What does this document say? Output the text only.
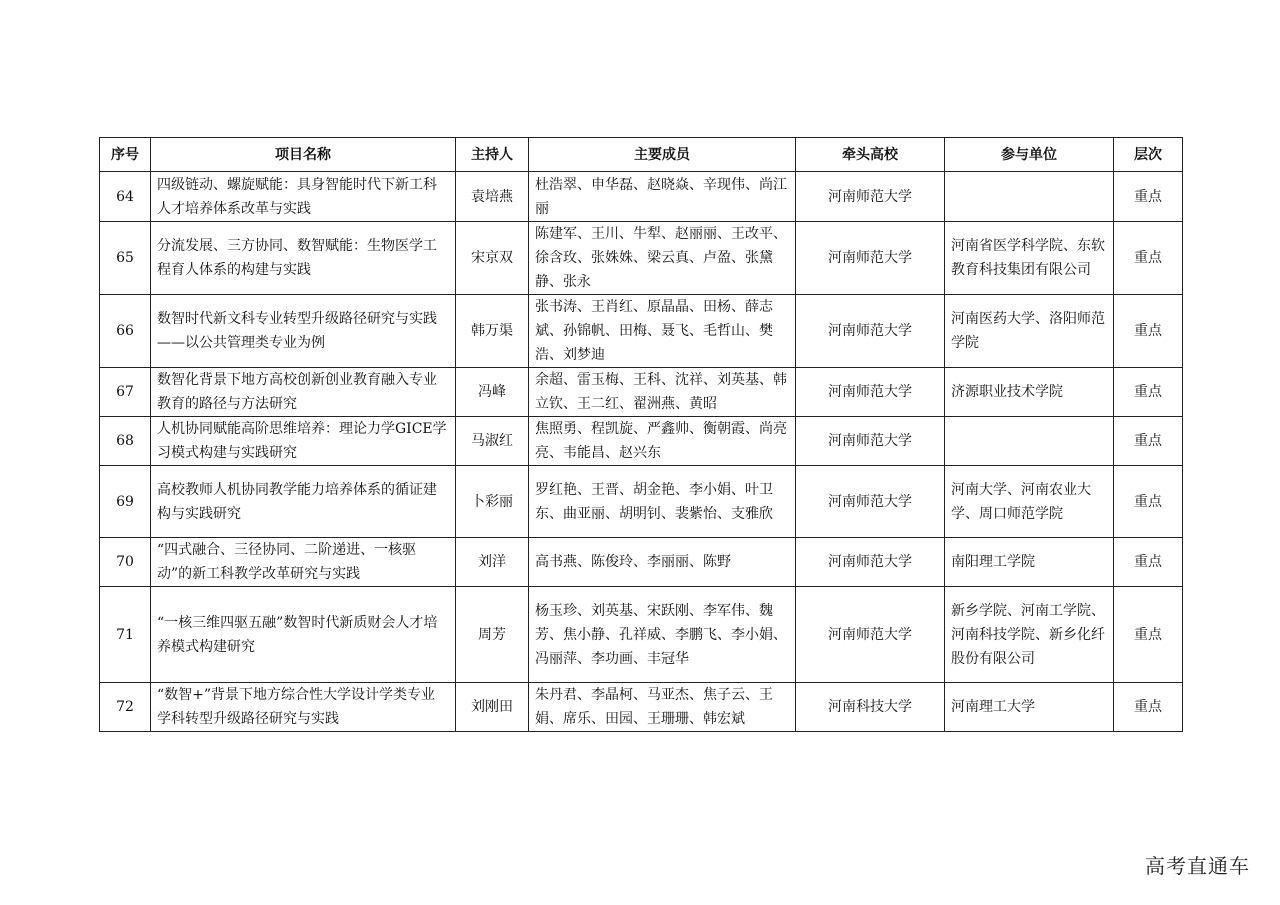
序号	项目名称	主持人	主要成员	牵头高校	参与单位	层次
64	四级链动、螺旋赋能：具身智能时代下新工科人才培养体系改革与实践	袁培燕	杜浩翠、申华磊、赵晓焱、辛现伟、尚江丽	河南师范大学		重点
65	分流发展、三方协同、数智赋能：生物医学工程育人体系的构建与实践	宋京双	陈建军、王川、牛犁、赵丽丽、王改平、徐含玫、张姝姝、梁云真、卢盈、张黛静、张永	河南师范大学	河南省医学科学院、东软教育科技集团有限公司	重点
66	数智时代新文科专业转型升级路径研究与实践——以公共管理类专业为例	韩万渠	张书涛、王肖红、原晶晶、田杨、薛志斌、孙锦帆、田梅、聂飞、毛哲山、樊浩、刘梦迪	河南师范大学	河南医药大学、洛阳师范学院	重点
67	数智化背景下地方高校创新创业教育融入专业教育的路径与方法研究	冯峰	余超、雷玉梅、王科、沈祥、刘英基、韩立钦、王二红、翟洲燕、黄昭	河南师范大学	济源职业技术学院	重点
68	人机协同赋能高阶思维培养：理论力学GICE学习模式构建与实践研究	马淑红	焦照勇、程凯旋、严鑫帅、衡朝霞、尚亮亮、韦能昌、赵兴东	河南师范大学		重点
69	高校教师人机协同教学能力培养体系的循证建构与实践研究	卜彩丽	罗红艳、王晋、胡金艳、李小娟、叶卫东、曲亚丽、胡明钊、裴紫怡、支雅欣	河南师范大学	河南大学、河南农业大学、周口师范学院	重点
70	“四式融合、三径协同、二阶递进、一核驱动”的新工科教学改革研究与实践	刘洋	高书燕、陈俊玲、李丽丽、陈野	河南师范大学	南阳理工学院	重点
71	“一核三维四驱五融”数智时代新质财会人才培养模式构建研究	周芳	杨玉珍、刘英基、宋跃刚、李军伟、魏芳、焦小静、孔祥威、李鹏飞、李小娟、冯丽萍、李功画、丰冠华	河南师范大学	新乡学院、河南工学院、河南科技学院、新乡化纤股份有限公司	重点
72	“数智+”背景下地方综合性大学设计学类专业学科转型升级路径研究与实践	刘刚田	朱丹君、李晶柯、马亚杰、焦子云、王娟、席乐、田园、王珊珊、韩宏斌	河南科技大学	河南理工大学	重点
高考直通车
